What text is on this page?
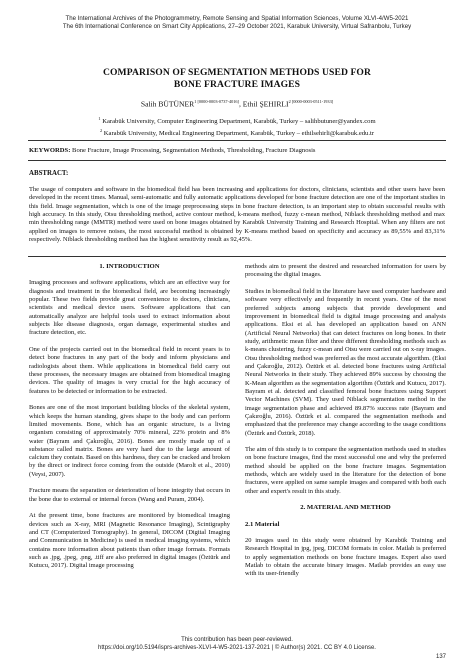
The International Archives of the Photogrammetry, Remote Sensing and Spatial Information Sciences, Volume XLVI-4/W5-2021
The 6th International Conference on Smart City Applications, 27–29 October 2021, Karabuk University, Virtual Safranbolu, Turkey
COMPARISON OF SEGMENTATION METHODS USED FOR
BONE FRACTURE IMAGES
Salih $BÜTÜNER^{1 [0000-0003-0737-4016]}$, Ethil $ŞEHIRLI^{2 [0000-0003-0511-1933]}$
$^1$ Karabük University, Computer Engineering Department, Karabük, Turkey – salihbutuner@yandex.com
$^2$ Karabük University, Medical Engineering Department, Karabük, Turkey – ethilsehirli@karabuk.edu.tr
KEYWORDS: Bone Fracture, Image Processing, Segmentation Methods, Thresholding, Fracture Diagnosis
ABSTRACT:
The usage of computers and software in the biomedical field has been increasing and applications for doctors, clinicians, scientists and other users have been developed in the recent times. Manual, semi-automatic and fully automatic applications developed for bone fracture detection are one of the important studies in this field. Image segmentation, which is one of the image preprocessing steps in bone fracture detection, is an important step to obtain successful results with high accuracy. In this study, Otsu thresholding method, active contour method, k-means method, fuzzy c-mean method, Niblack thresholding method and max min thresholding range (MMTR) method were used on bone images obtained by Karabük University Training and Research Hospital. When any filters are not applied on images to remove noises, the most successful method is obtained by K-means method based on specificity and accuracy as 89,55% and 83,31% respectively. Niblack thresholding method has the highest sensitivity result as 92,45%.
1. INTRODUCTION

Imaging processes and software applications, which are an effective way for diagnosis and treatment in the biomedical field, are becoming increasingly popular. These two fields provide great convenience to doctors, clinicians, scientists and medical device users. Software applications that can automatically analyze are helpful tools used to extract information about subjects like disease diagnosis, organ damage, experimental studies and fracture detection, etc.

One of the projects carried out in the biomedical field in recent years is to detect bone fractures in any part of the body and inform physicians and radiologists about them. While applications in biomedical field carry out these processes, the necessary images are obtained from biomedical imaging devices. The quality of images is very crucial for the high accuracy of features to be detected or information to be extracted.

Bones are one of the most important building blocks of the skeletal system, which keeps the human standing, gives shape to the body and can perform limited movements. Bone, which has an organic structure, is a living organism consisting of approximately 70% mineral, 22% protein and 8% water (Bayram and Çakıroğlu, 2016). Bones are mostly made up of a substance called matrix. Bones are very hard due to the large amount of calcium they contain. Based on this hardness, they can be cracked and broken by the direct or indirect force coming from the outside (Marolt et al., 2010) (Veysi, 2007).

Fracture means the separation or deterioration of bone integrity that occurs in the bone due to external or internal forces (Wang and Puram, 2004).

At the present time, bone fractures are monitored by biomedical imaging devices such as X-ray, MRI (Magnetic Resonance Imaging), Scintigraphy and CT (Computerized Tomography). In general, DICOM (Digital Imaging and Communication in Medicine) is used in medical imaging systems, which contains more information about patients than other image formats. Formats such as .jpg, .jpeg, .png, .tiff are also preferred in digital images (Öztürk and Kutucu, 2017). Digital image processing

methods aim to present the desired and researched information for users by processing the digital images.

Studies in biomedical field in the literature have used computer hardware and software very effectively and frequently in recent years. One of the most preferred subjects among subjects that provide development and improvement in biomedical field is digital image processing and analysis applications. Eksi et al. has developed an application based on ANN (Artificial Neural Networks) that can detect fractures on long bones. In their study, arithmetic mean filter and three different thresholding methods such as k-means clustering, fuzzy c-mean and Otsu were carried out on x-ray images. Otsu thresholding method was preferred as the most accurate algorithm. (Eksi and Çakıroğlu, 2012). Öztürk et al. detected bone fractures using Artificial Neural Networks in their study. They achieved 89% success by choosing the K-Mean algorithm as the segmentation algorithm (Öztürk and Kutucu, 2017). Bayram et al. detected and classified femoral bone fractures using Support Vector Machines (SVM). They used Niblack segmentation method in the image segmentation phase and achieved 89.87% success rate (Bayram and Çakıroğlu, 2016). Öztürk et al. compared the segmentation methods and emphasized that the preference may change according to the usage conditions (Öztürk and Öztürk, 2018).

The aim of this study is to compare the segmentation methods used in studies on bone fracture images, find the most successful one and why the preferred method should be applied on the bone fracture images. Segmentation methods, which are widely used in the literature for the detection of bone fractures, were applied on same sample images and compared with both each other and expert's result in this study.

2. MATERIAL AND METHOD
2.1 Material

20 images used in this study were obtained by Karabük Training and Research Hospital in jpg, jpeg, DICOM formats in color. Matlab is preferred to apply segmentation methods on bone fracture images. Expert also used Matlab to obtain the accurate binary images. Matlab provides an easy use with its user-friendly

This contribution has been peer-reviewed.
https://doi.org/10.5194/isprs-archives-XLVI-4-W5-2021-137-2021 | © Author(s) 2021. CC BY 4.0 License.
137
